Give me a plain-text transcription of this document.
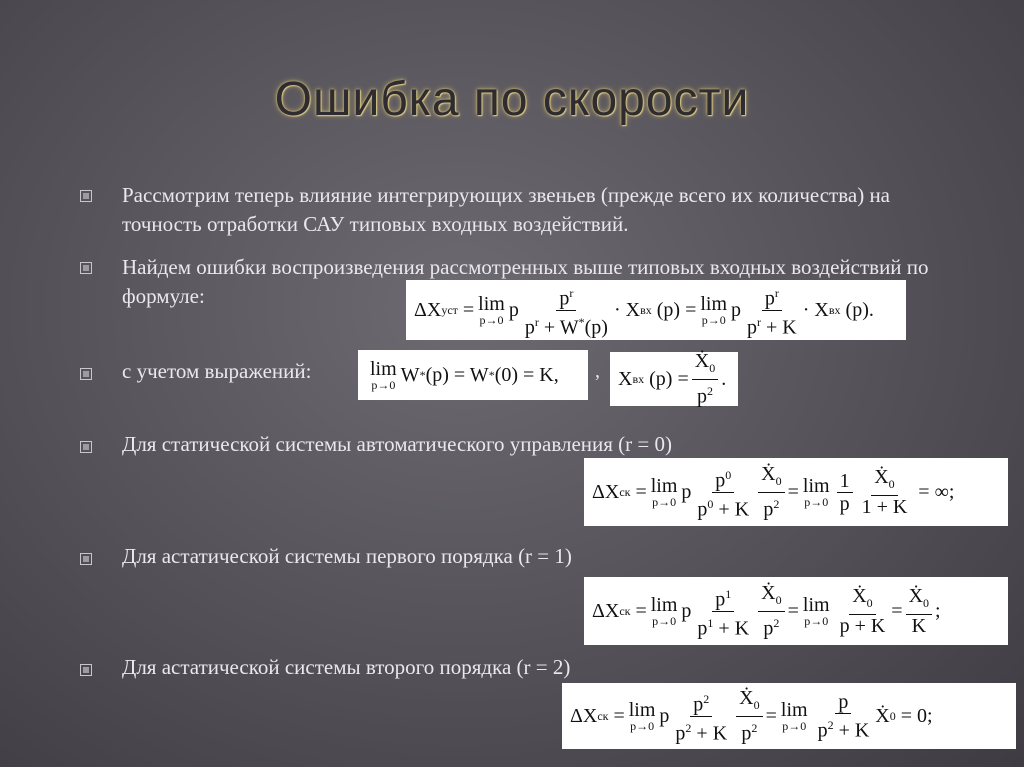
Ошибка по скорости
Рассмотрим теперь влияние интегрирующих звеньев (прежде всего их количества) на точность отработки САУ типовых входных воздействий.
Найдем ошибки воспроизведения рассмотренных выше типовых входных воздействий по формуле:
ΔX уст
= lim
p→0 p $\frac{p^r}{p^r + W^*(p)} \cdot X$ вх
(p) = lim
p→0 p $\frac{p^r}{p^r + K} \cdot X$ вх
(p) .
с учетом выражений:	lim
p→0 W * (p) = W * (0) = K, , X вх
$(p) = \frac{Ẋ_0}{p^2}$ .
Для статической системы автоматического управления (r = 0)
ΔX ск
= lim
p→0 p $\frac{p^0}{p^0 + K} \frac{Ẋ_0}{p^2} = \lim$
$p\to 0 \frac{1}{p} \frac{Ẋ_0}{1 + K}$
= ∞;
Для астатической системы первого порядка (r = 1)
ΔX ск
= lim
p→0 p $\frac{p^1}{p^1 + K} \frac{Ẋ_0}{p^2} = \lim$
$p\to 0 \frac{Ẋ_0}{p + K} = \frac{Ẋ_0}{K}$ ;
Для астатической системы второго порядка (r = 2)
ΔX ск
= lim
p→0 p $\frac{p^2}{p^2 + K} \frac{Ẋ_0}{p^2} = \lim$
$p\to 0 \frac{p}{p^2 + K}$ Ẋ 0
= 0;
